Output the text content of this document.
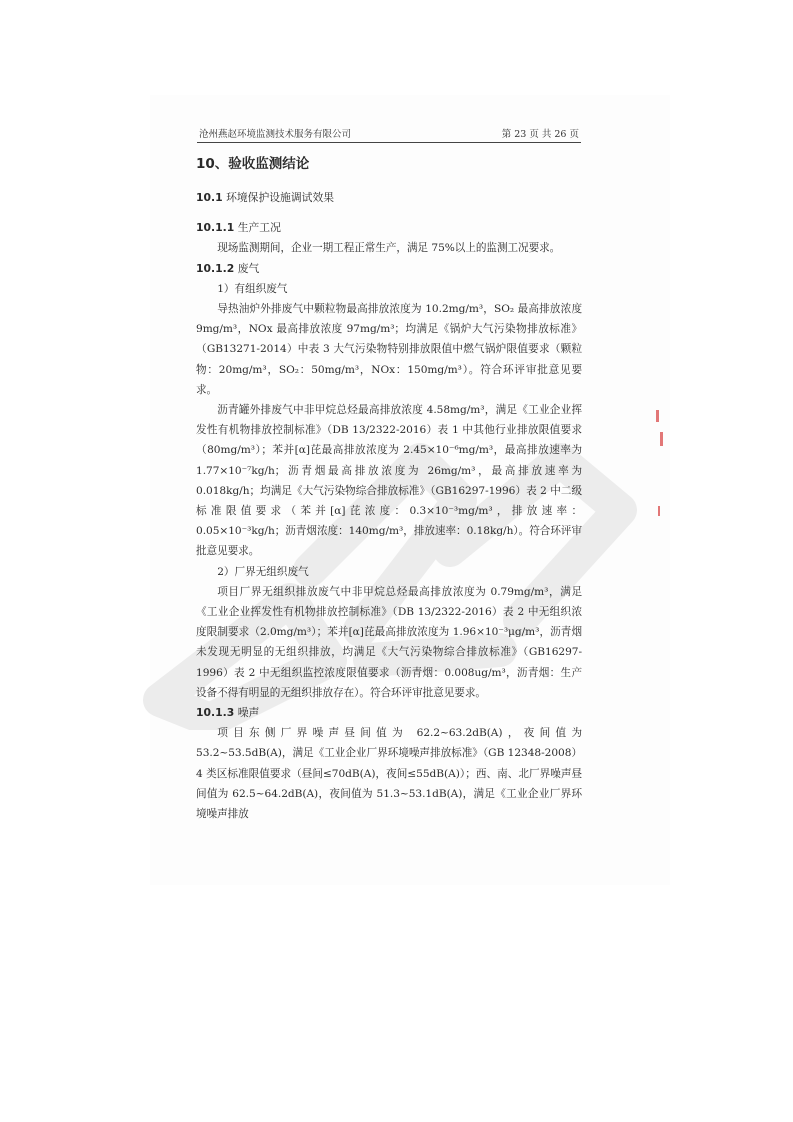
沧州燕赵环境监测技术服务有限公司	第 23 页 共 26 页
10、验收监测结论
10.1 环境保护设施调试效果
10.1.1 生产工况

现场监测期间，企业一期工程正常生产，满足 75%以上的监测工况要求。

10.1.2 废气

1）有组织废气

导热油炉外排废气中颗粒物最高排放浓度为 10.2mg/m³，SO₂ 最高排放浓度 9mg/m³，NOx 最高排放浓度 97mg/m³；均满足《锅炉大气污染物排放标准》（GB13271-2014）中表 3 大气污染物特别排放限值中燃气锅炉限值要求（颗粒物：20mg/m³，SO₂：50mg/m³，NOx：150mg/m³）。符合环评审批意见要求。

沥青罐外排废气中非甲烷总烃最高排放浓度 4.58mg/m³，满足《工业企业挥发性有机物排放控制标准》（DB 13/2322-2016）表 1 中其他行业排放限值要求（80mg/m³）；苯并[α]芘最高排放浓度为 2.45×10⁻⁶mg/m³，最高排放速率为 1.77×10⁻⁷kg/h；沥青烟最高排放浓度为 26mg/m³，最高排放速率为 0.018kg/h；均满足《大气污染物综合排放标准》（GB16297-1996）表 2 中二级标准限值要求（苯并[α]芘浓度：0.3×10⁻³mg/m³，排放速率：0.05×10⁻³kg/h；沥青烟浓度：140mg/m³，排放速率：0.18kg/h）。符合环评审批意见要求。

2）厂界无组织废气

项目厂界无组织排放废气中非甲烷总烃最高排放浓度为 0.79mg/m³，满足《工业企业挥发性有机物排放控制标准》（DB 13/2322-2016）表 2 中无组织浓度限制要求（2.0mg/m³）；苯并[α]芘最高排放浓度为 1.96×10⁻³μg/m³，沥青烟未发现无明显的无组织排放，均满足《大气污染物综合排放标准》（GB16297-1996）表 2 中无组织监控浓度限值要求（沥青烟：0.008ug/m³，沥青烟：生产设备不得有明显的无组织排放存在）。符合环评审批意见要求。

10.1.3 噪声

项目东侧厂界噪声昼间值为 62.2~63.2dB(A)，夜间值为 53.2~53.5dB(A)，满足《工业企业厂界环境噪声排放标准》（GB 12348-2008）4 类区标准限值要求（昼间≤70dB(A)，夜间≤55dB(A)）；西、南、北厂界噪声昼间值为 62.5~64.2dB(A)，夜间值为 51.3~53.1dB(A)，满足《工业企业厂界环境噪声排放
